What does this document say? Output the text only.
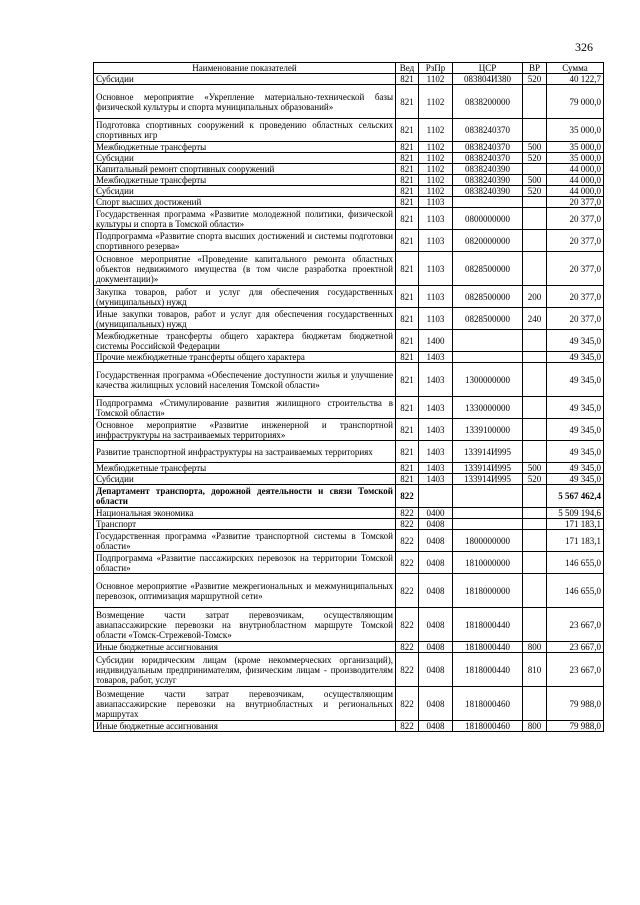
326
Наименование показателей	Вед	РзПр	ЦСР	ВР	Сумма
Субсидии	821	1102	083804И380	520	40 122,7
Основное мероприятие «Укрепление материально-технической базы физической культуры и спорта муниципальных образований»	821	1102	0838200000		79 000,0
Подготовка спортивных сооружений к проведению областных сельских спортивных игр	821	1102	0838240370		35 000,0
Межбюджетные трансферты	821	1102	0838240370	500	35 000,0
Субсидии	821	1102	0838240370	520	35 000,0
Капитальный ремонт спортивных сооружений	821	1102	0838240390		44 000,0
Межбюджетные трансферты	821	1102	0838240390	500	44 000,0
Субсидии	821	1102	0838240390	520	44 000,0
Спорт высших достижений	821	1103			20 377,0
Государственная программа «Развитие молодежной политики, физической культуры и спорта в Томской области»	821	1103	0800000000		20 377,0
Подпрограмма «Развитие спорта высших достижений и системы подготовки спортивного резерва»	821	1103	0820000000		20 377,0
Основное мероприятие «Проведение капитального ремонта областных объектов недвижимого имущества (в том числе разработка проектной документации)»	821	1103	0828500000		20 377,0
Закупка товаров, работ и услуг для обеспечения государственных (муниципальных) нужд	821	1103	0828500000	200	20 377,0
Иные закупки товаров, работ и услуг для обеспечения государственных (муниципальных) нужд	821	1103	0828500000	240	20 377,0
Межбюджетные трансферты общего характера бюджетам бюджетной системы Российской Федерации	821	1400			49 345,0
Прочие межбюджетные трансферты общего характера	821	1403			49 345,0
Государственная программа «Обеспечение доступности жилья и улучшение качества жилищных условий населения Томской области»	821	1403	1300000000		49 345,0
Подпрограмма «Стимулирование развития жилищного строительства в Томской области»	821	1403	1330000000		49 345,0
Основное мероприятие «Развитие инженерной и транспортной инфраструктуры на застраиваемых территориях»	821	1403	1339100000		49 345,0
Развитие транспортной инфраструктуры на застраиваемых территориях	821	1403	133914И995		49 345,0
Межбюджетные трансферты	821	1403	133914И995	500	49 345,0
Субсидии	821	1403	133914И995	520	49 345,0
Департамент транспорта, дорожной деятельности и связи Томской области	822				5 567 462,4
Национальная экономика	822	0400			5 509 194,6
Транспорт	822	0408			171 183,1
Государственная программа «Развитие транспортной системы в Томской области»	822	0408	1800000000		171 183,1
Подпрограмма «Развитие пассажирских перевозок на территории Томской области»	822	0408	1810000000		146 655,0
Основное мероприятие «Развитие межрегиональных и межмуниципальных перевозок, оптимизация маршрутной сети»	822	0408	1818000000		146 655,0
Возмещение части затрат перевозчикам, осуществляющим авиапассажирские перевозки на внутриобластном маршруте Томской области «Томск-Стрежевой-Томск»	822	0408	1818000440		23 667,0
Иные бюджетные ассигнования	822	0408	1818000440	800	23 667,0
Субсидии юридическим лицам (кроме некоммерческих организаций), индивидуальным предпринимателям, физическим лицам - производителям товаров, работ, услуг	822	0408	1818000440	810	23 667,0
Возмещение части затрат перевозчикам, осуществляющим авиапассажирские перевозки на внутриобластных и региональных маршрутах	822	0408	1818000460		79 988,0
Иные бюджетные ассигнования	822	0408	1818000460	800	79 988,0
